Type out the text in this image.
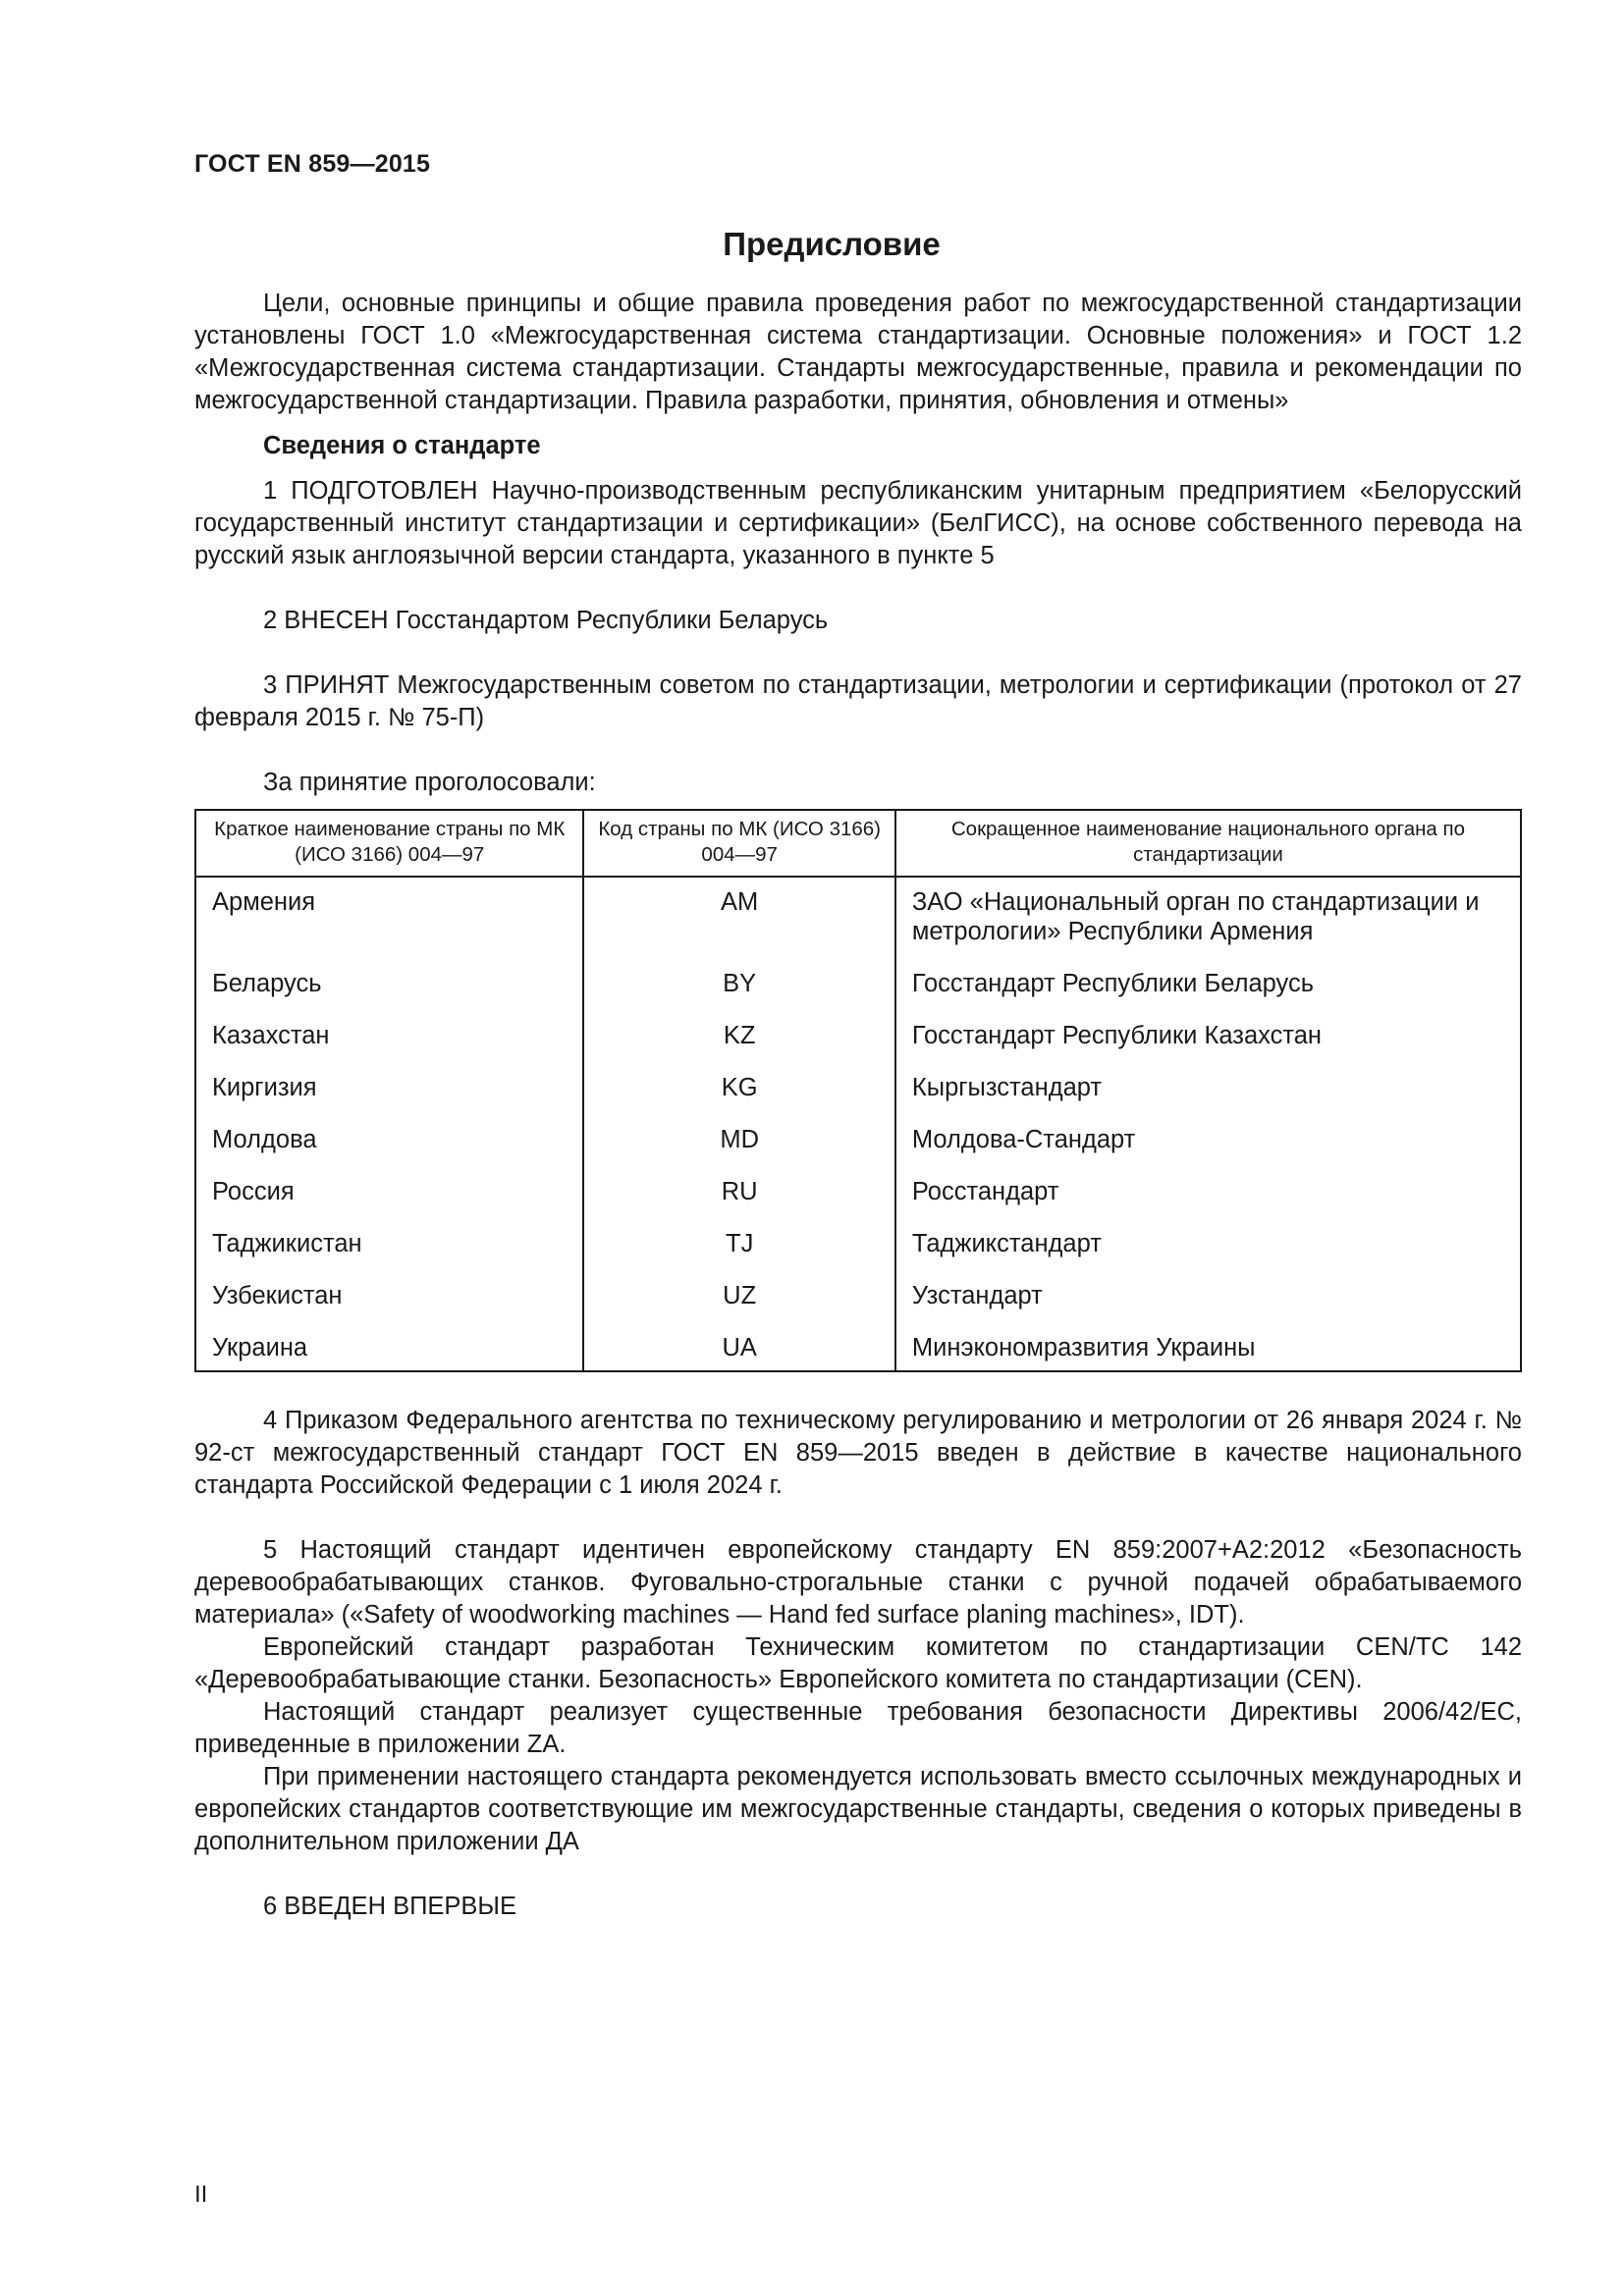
ГОСТ EN 859—2015
Предисловие

Цели, основные принципы и общие правила проведения работ по межгосударственной стандартизации установлены ГОСТ 1.0 «Межгосударственная система стандартизации. Основные положения» и ГОСТ 1.2 «Межгосударственная система стандартизации. Стандарты межгосударственные, правила и рекомендации по межгосударственной стандартизации. Правила разработки, принятия, обновления и отмены»

Сведения о стандарте

1 ПОДГОТОВЛЕН Научно-производственным республиканским унитарным предприятием «Белорусский государственный институт стандартизации и сертификации» (БелГИСС), на основе собственного перевода на русский язык англоязычной версии стандарта, указанного в пункте 5

2 ВНЕСЕН Госстандартом Республики Беларусь

3 ПРИНЯТ Межгосударственным советом по стандартизации, метрологии и сертификации (протокол от 27 февраля 2015 г. № 75-П)

За принятие проголосовали:

Краткое наименование страны по МК (ИСО 3166) 004—97	Код страны по МК (ИСО 3166) 004—97	Сокращенное наименование национального органа по стандартизации
Армения	AM	ЗАО «Национальный орган по стандартизации и метрологии» Республики Армения
Беларусь	BY	Госстандарт Республики Беларусь
Казахстан	KZ	Госстандарт Республики Казахстан
Киргизия	KG	Кыргызстандарт
Молдова	MD	Молдова-Стандарт
Россия	RU	Росстандарт
Таджикистан	TJ	Таджикстандарт
Узбекистан	UZ	Узстандарт
Украина	UA	Минэкономразвития Украины

4 Приказом Федерального агентства по техническому регулированию и метрологии от 26 января 2024 г. № 92-ст межгосударственный стандарт ГОСТ EN 859—2015 введен в действие в качестве национального стандарта Российской Федерации с 1 июля 2024 г.

5 Настоящий стандарт идентичен европейскому стандарту EN 859:2007+A2:2012 «Безопасность деревообрабатывающих станков. Фуговально-строгальные станки с ручной подачей обрабатываемого материала» («Safety of woodworking machines — Hand fed surface planing machines», IDT).

Европейский стандарт разработан Техническим комитетом по стандартизации CEN/TC 142 «Деревообрабатывающие станки. Безопасность» Европейского комитета по стандартизации (CEN).

Настоящий стандарт реализует существенные требования безопасности Директивы 2006/42/EC, приведенные в приложении ZA.

При применении настоящего стандарта рекомендуется использовать вместо ссылочных международных и европейских стандартов соответствующие им межгосударственные стандарты, сведения о которых приведены в дополнительном приложении ДА

6 ВВЕДЕН ВПЕРВЫЕ

II
